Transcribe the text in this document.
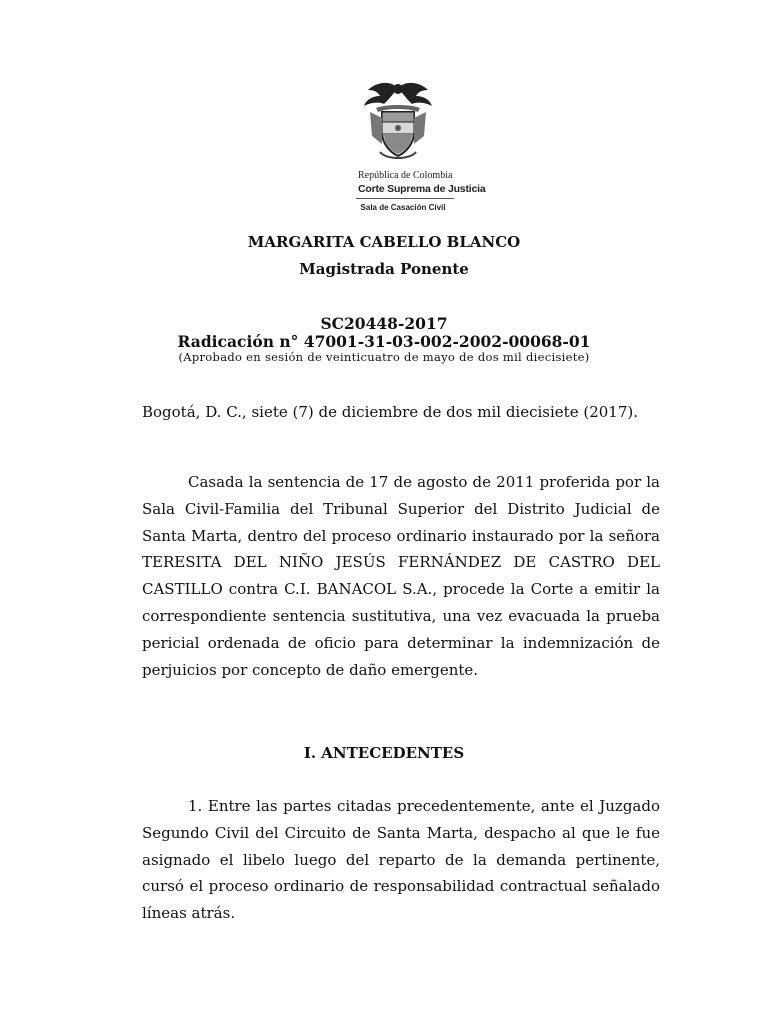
República de Colombia
Corte Suprema de Justicia
Sala de Casación Civil
MARGARITA CABELLO BLANCO
Magistrada Ponente
SC20448-2017
Radicación n° 47001-31-03-002-2002-00068-01
(Aprobado en sesión de veinticuatro de mayo de dos mil diecisiete)

Bogotá, D. C., siete (7) de diciembre de dos mil diecisiete (2017).

Casada la sentencia de 17 de agosto de 2011 proferida por la Sala Civil-Familia del Tribunal Superior del Distrito Judicial de Santa Marta, dentro del proceso ordinario instaurado por la señora TERESITA DEL NIÑO JESÚS FERNÁNDEZ DE CASTRO DEL CASTILLO contra C.I. BANACOL S.A., procede la Corte a emitir la correspondiente sentencia sustitutiva, una vez evacuada la prueba pericial ordenada de oficio para determinar la indemnización de perjuicios por concepto de daño emergente.

I. ANTECEDENTES

1. Entre las partes citadas precedentemente, ante el Juzgado Segundo Civil del Circuito de Santa Marta, despacho al que le fue asignado el libelo luego del reparto de la demanda pertinente, cursó el proceso ordinario de responsabilidad contractual señalado líneas atrás.
